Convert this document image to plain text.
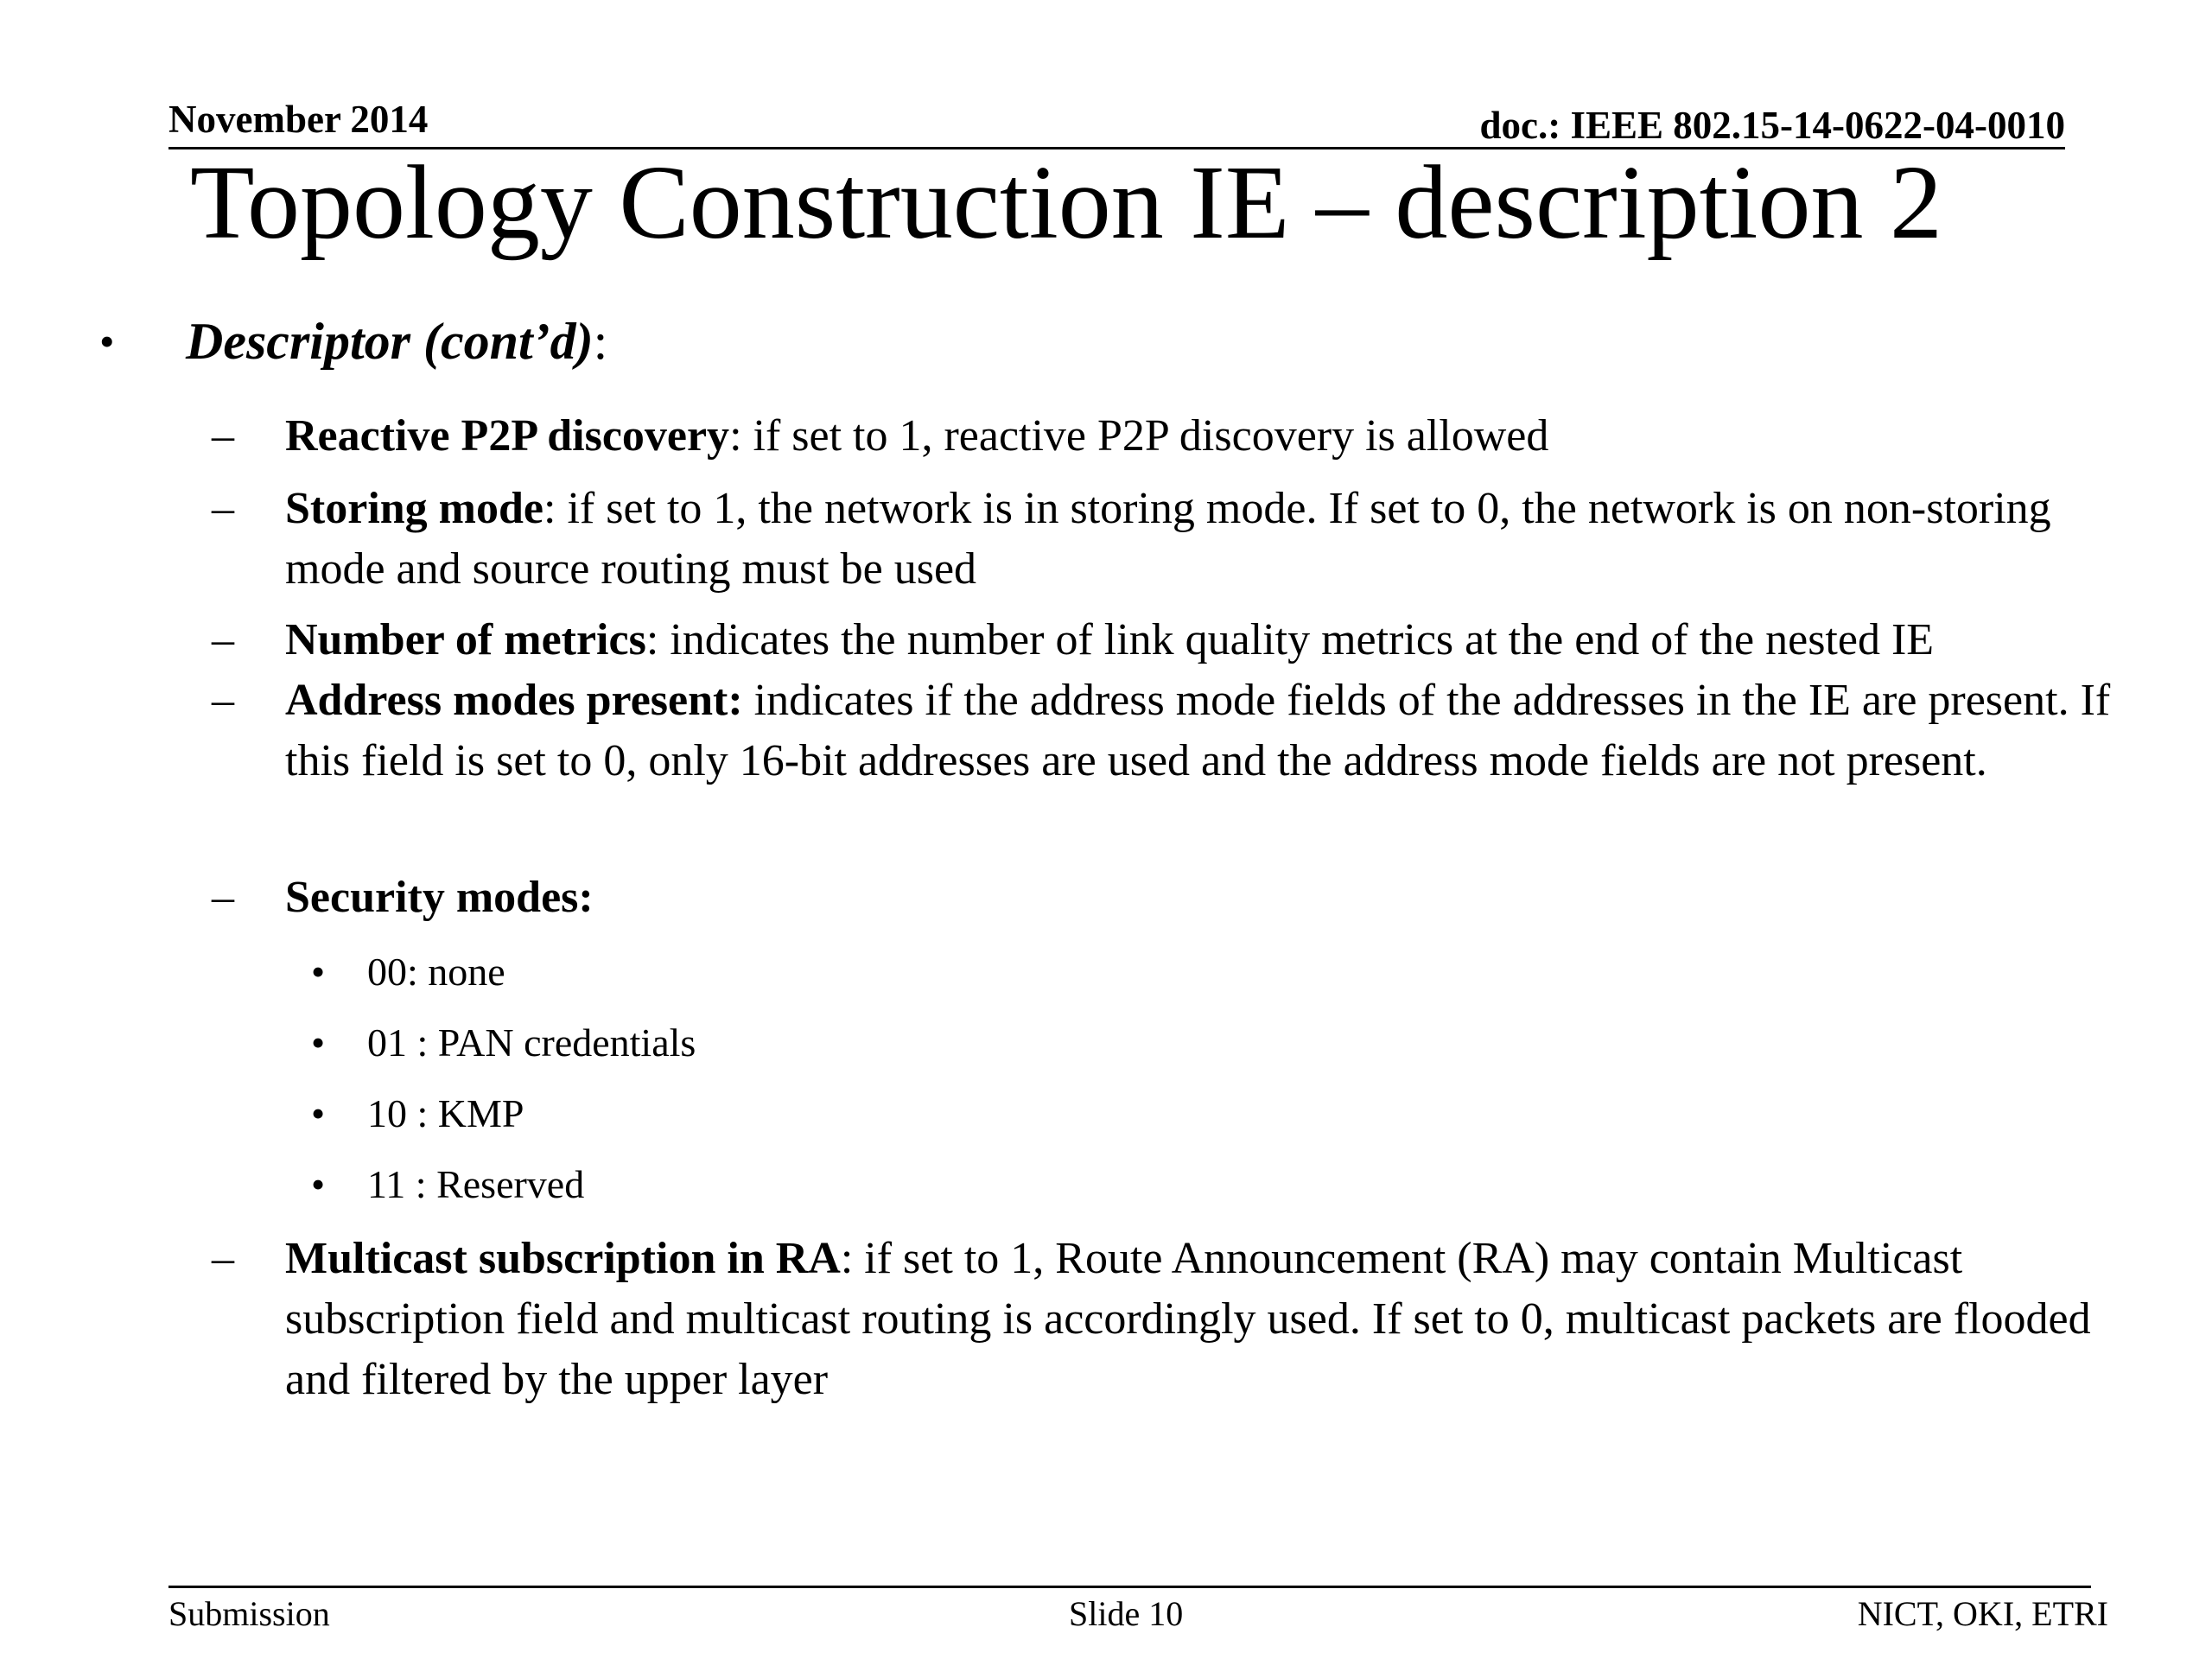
November 2014	doc.: IEEE 802.15-14-0622-04-0010
Topology Construction IE – description 2
• Descriptor (cont’d):
– Reactive P2P discovery: if set to 1, reactive P2P discovery is allowed
– Storing mode: if set to 1, the network is in storing mode. If set to 0, the network is on non-storing mode and source routing must be used
– Number of metrics: indicates the number of link quality metrics at the end of the nested IE
– Address modes present: indicates if the address mode fields of the addresses in the IE are present. If this field is set to 0, only 16-bit addresses are used and the address mode fields are not present.
– Security modes:
• 00: none
• 01 : PAN credentials
• 10 : KMP
• 11 : Reserved
– Multicast subscription in RA: if set to 1, Route Announcement (RA) may contain Multicast subscription field and multicast routing is accordingly used. If set to 0, multicast packets are flooded and filtered by the upper layer
Submission	Slide 10	NICT, OKI, ETRI
